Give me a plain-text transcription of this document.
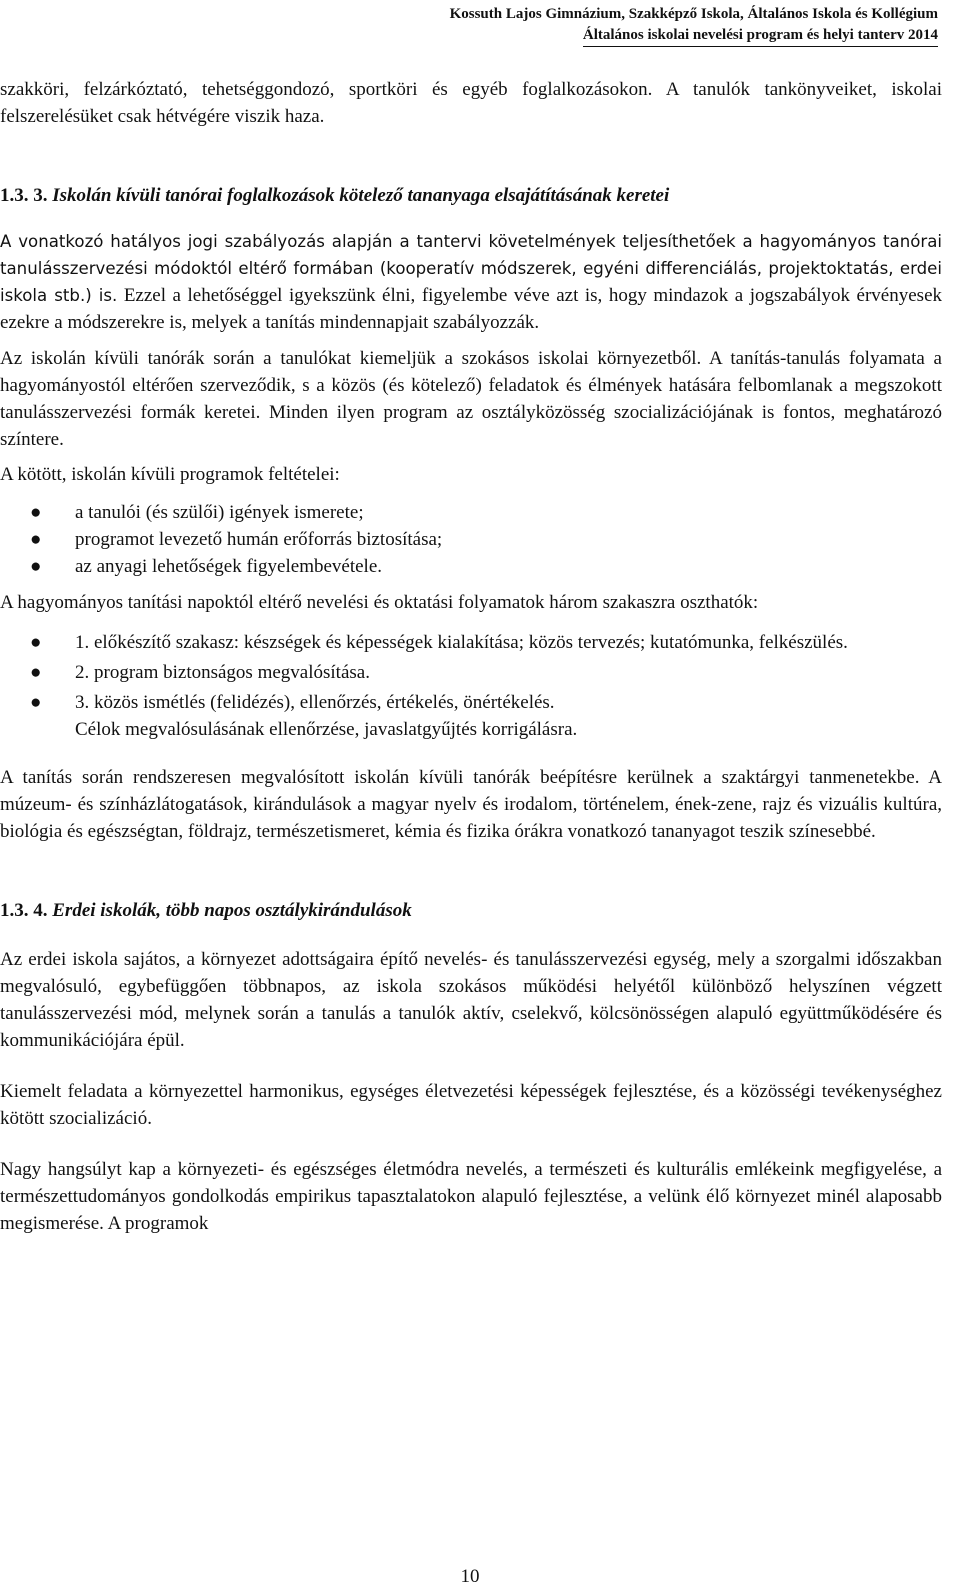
Kossuth Lajos Gimnázium, Szakképző Iskola, Általános Iskola és Kollégium
Általános iskolai nevelési program és helyi tanterv 2014

szakköri, felzárkóztató, tehetséggondozó, sportköri és egyéb foglalkozásokon. A tanulók tankönyveiket, iskolai felszerelésüket csak hétvégére viszik haza.

1.3. 3. Iskolán kívüli tanórai foglalkozások kötelező tananyaga elsajátításának keretei

A vonatkozó hatályos jogi szabályozás alapján a tantervi követelmények teljesíthetőek a hagyományos tanórai tanulásszervezési módoktól eltérő formában (kooperatív módszerek, egyéni differenciálás, projektoktatás, erdei iskola stb.) is. Ezzel a lehetőséggel igyekszünk élni, figyelembe véve azt is, hogy mindazok a jogszabályok érvényesek ezekre a módszerekre is, melyek a tanítás mindennapjait szabályozzák.

Az iskolán kívüli tanórák során a tanulókat kiemeljük a szokásos iskolai környezetből. A tanítás-tanulás folyamata a hagyományostól eltérően szerveződik, s a közös (és kötelező) feladatok és élmények hatására felbomlanak a megszokott tanulásszervezési formák keretei. Minden ilyen program az osztályközösség szocializációjának is fontos, meghatározó színtere.

A kötött, iskolán kívüli programok feltételei:

● a tanulói (és szülői) igények ismerete;
● programot levezető humán erőforrás biztosítása;
● az anyagi lehetőségek figyelembevétele.

A hagyományos tanítási napoktól eltérő nevelési és oktatási folyamatok három szakaszra oszthatók:

● 1. előkészítő szakasz: készségek és képességek kialakítása; közös tervezés; kutatómunka, felkészülés.
● 2. program biztonságos megvalósítása.
● 3. közös ismétlés (felidézés), ellenőrzés, értékelés, önértékelés.
Célok megvalósulásának ellenőrzése, javaslatgyűjtés korrigálásra.

A tanítás során rendszeresen megvalósított iskolán kívüli tanórák beépítésre kerülnek a szaktárgyi tanmenetekbe. A múzeum- és színházlátogatások, kirándulások a magyar nyelv és irodalom, történelem, ének-zene, rajz és vizuális kultúra, biológia és egészségtan, földrajz, természetismeret, kémia és fizika órákra vonatkozó tananyagot teszik színesebbé.

1.3. 4. Erdei iskolák, több napos osztálykirándulások

Az erdei iskola sajátos, a környezet adottságaira építő nevelés- és tanulásszervezési egység, mely a szorgalmi időszakban megvalósuló, egybefüggően többnapos, az iskola szokásos működési helyétől különböző helyszínen végzett tanulásszervezési mód, melynek során a tanulás a tanulók aktív, cselekvő, kölcsönösségen alapuló együttműködésére és kommunikációjára épül.

Kiemelt feladata a környezettel harmonikus, egységes életvezetési képességek fejlesztése, és a közösségi tevékenységhez kötött szocializáció.

Nagy hangsúlyt kap a környezeti- és egészséges életmódra nevelés, a természeti és kulturális emlékeink megfigyelése, a természettudományos gondolkodás empirikus tapasztalatokon alapuló fejlesztése, a velünk élő környezet minél alaposabb megismerése. A programok

10
